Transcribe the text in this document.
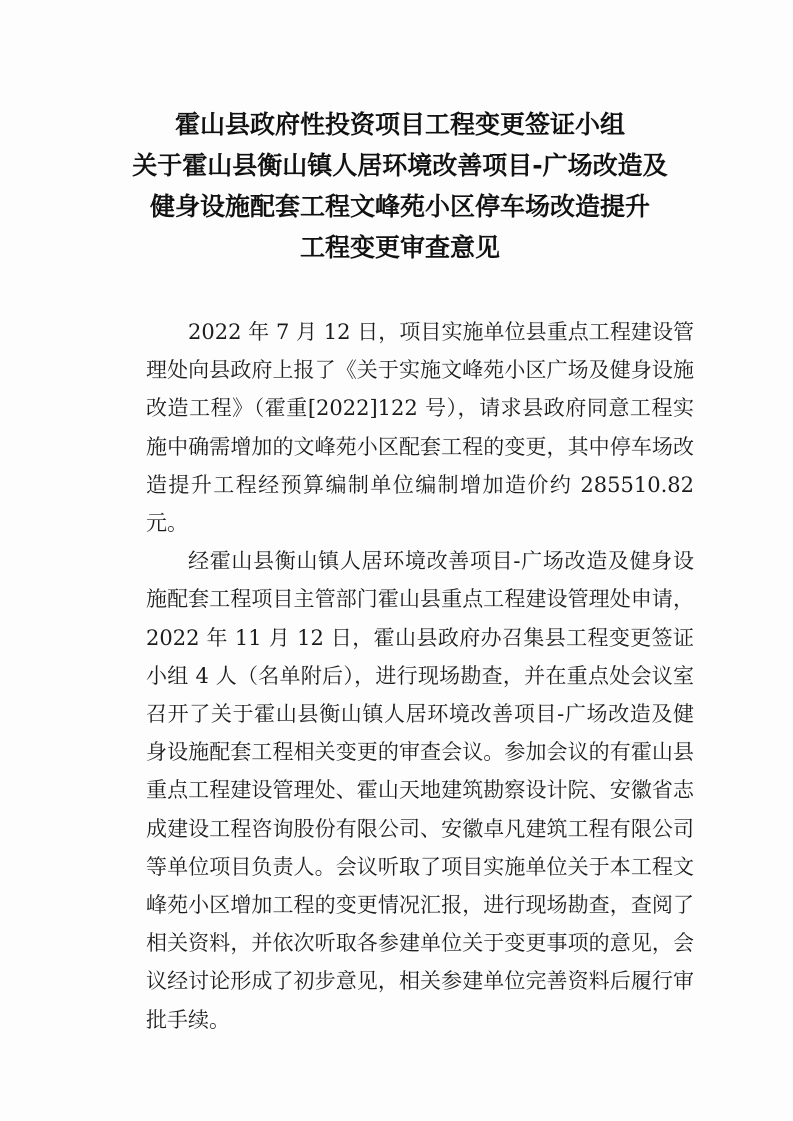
霍山县政府性投资项目工程变更签证小组
关于霍山县衡山镇人居环境改善项目-广场改造及
健身设施配套工程文峰苑小区停车场改造提升
工程变更审查意见

2022 年 7 月 12 日，项目实施单位县重点工程建设管理处向县政府上报了《关于实施文峰苑小区广场及健身设施改造工程》（霍重[2022]122 号），请求县政府同意工程实施中确需增加的文峰苑小区配套工程的变更，其中停车场改造提升工程经预算编制单位编制增加造价约 285510.82 元。

经霍山县衡山镇人居环境改善项目-广场改造及健身设施配套工程项目主管部门霍山县重点工程建设管理处申请，2022 年 11 月 12 日，霍山县政府办召集县工程变更签证小组 4 人（名单附后），进行现场勘查，并在重点处会议室召开了关于霍山县衡山镇人居环境改善项目-广场改造及健身设施配套工程相关变更的审查会议。参加会议的有霍山县重点工程建设管理处、霍山天地建筑勘察设计院、安徽省志成建设工程咨询股份有限公司、安徽卓凡建筑工程有限公司等单位项目负责人。会议听取了项目实施单位关于本工程文峰苑小区增加工程的变更情况汇报，进行现场勘查，查阅了相关资料，并依次听取各参建单位关于变更事项的意见，会议经讨论形成了初步意见，相关参建单位完善资料后履行审批手续。
